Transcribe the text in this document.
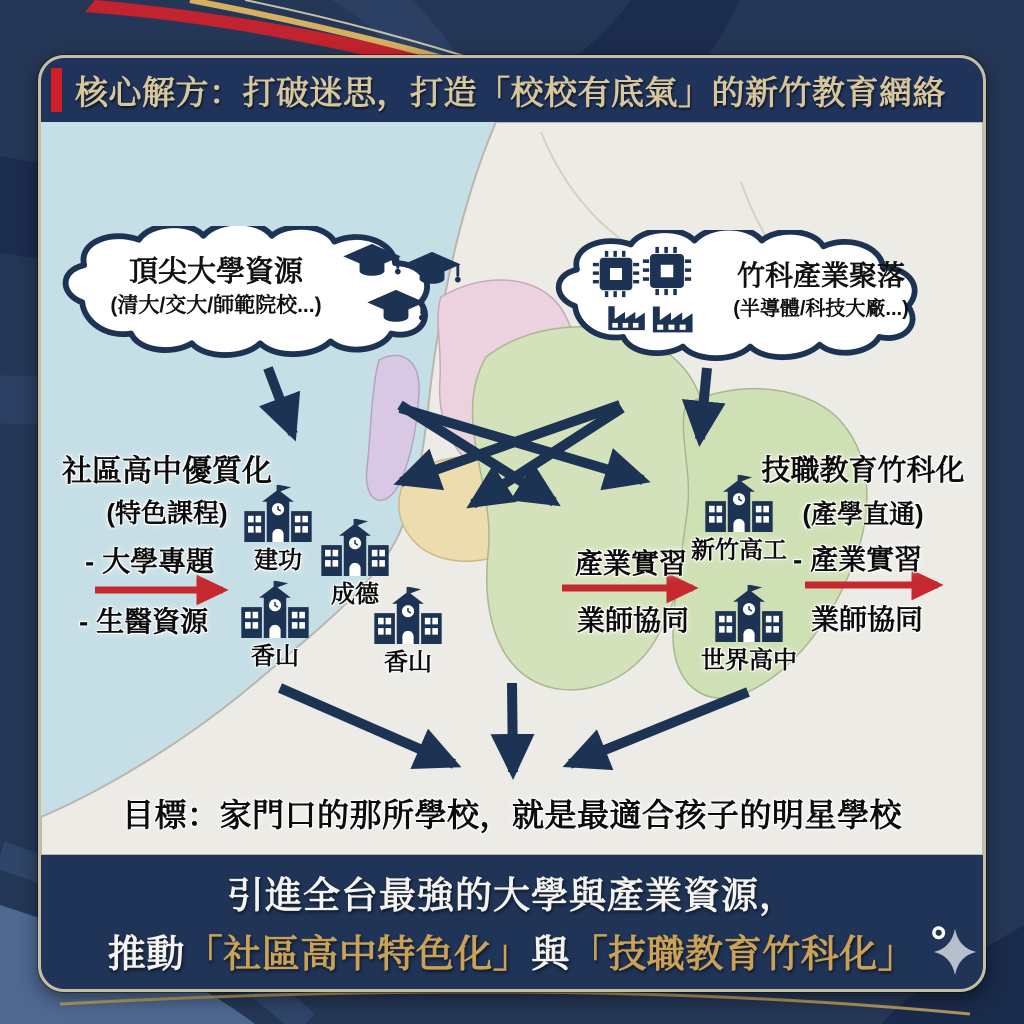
核心解方：打破迷思，打造「校校有底氣」的新竹教育網絡
頂尖大學資源
(清大/交大/師範院校...)
竹科產業聚落
(半導體/科技大廠...)
社區高中優質化
(特色課程)
- 大學專題
- 生醫資源
產業實習
業師協同
技職教育竹科化
(產學直通)
- 產業實習
業師協同
建功
成德
香山	香山
新竹高工
世界高中
目標：家門口的那所學校，就是最適合孩子的明星學校
引進全台最強的大學與產業資源，
推動「社區高中特色化」與「技職教育竹科化」
